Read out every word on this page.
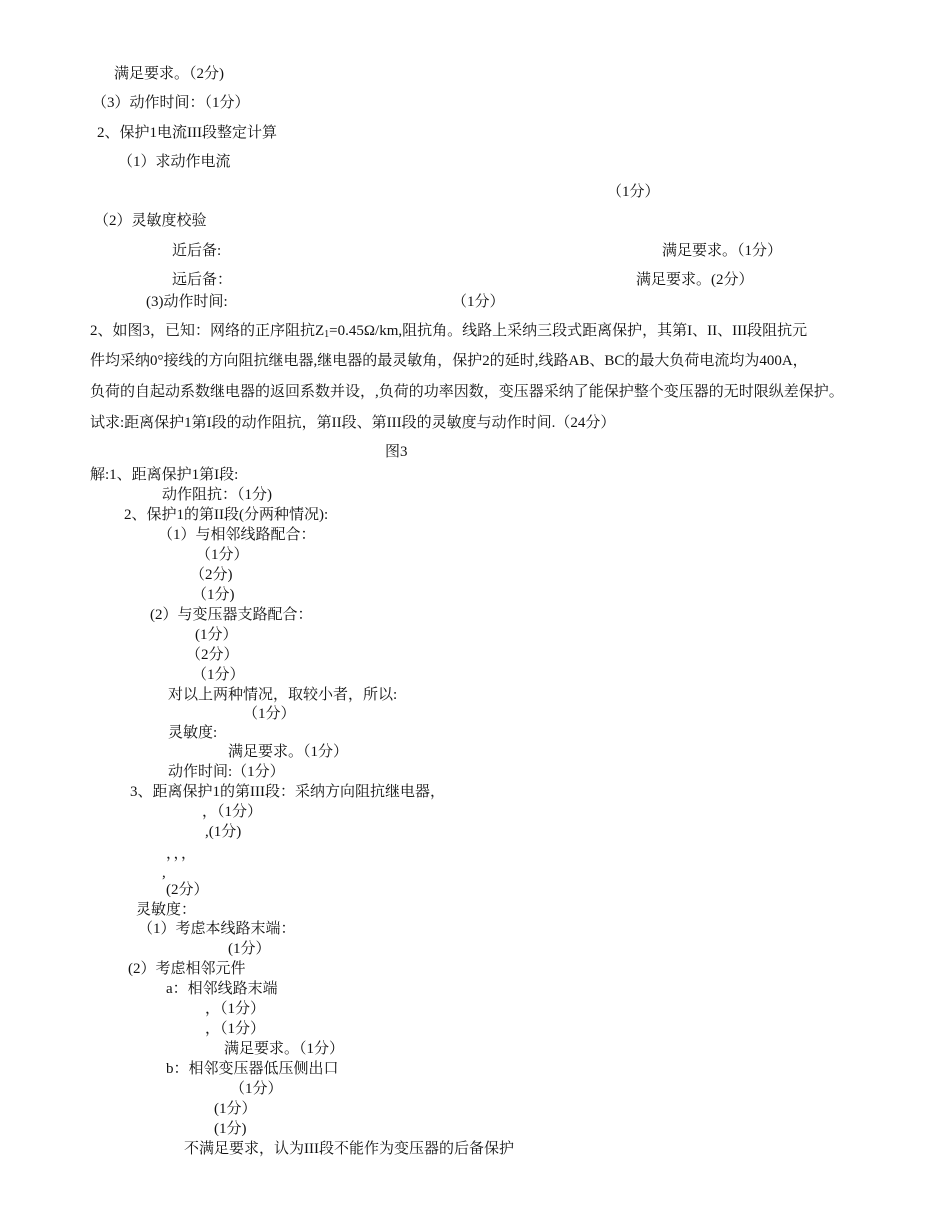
满足要求。（2分)
（3）动作时间：（1分）
2、保护1电流III段整定计算
（1）求动作电流
（1分）
（2）灵敏度校验
近后备:	满足要求。（1分）
远后备：	满足要求。(2分）
(3)动作时间:	（1分）
2、如图3，已知：网络的正序阻抗$Z_1=0.45\Omega/km$,阻抗角。线路上采纳三段式距离保护，其第I、II、III段阻抗元
件均采纳0°接线的方向阻抗继电器,继电器的最灵敏角，保护2的延时,线路AB、BC的最大负荷电流均为400A，
负荷的自起动系数继电器的返回系数并设，,负荷的功率因数，变压器采纳了能保护整个变压器的无时限纵差保护。
试求:距离保护1第I段的动作阻抗，第II段、第III段的灵敏度与动作时间.（24分）
图3
解:1、距离保护1第I段:
动作阻抗：（1分)
2、保护1的第II段(分两种情况):
（1）与相邻线路配合：
（1分）
（2分)
（1分)
(2）与变压器支路配合：
(1分）
（2分）
（1分）
对以上两种情况，取较小者，所以:
（1分）
灵敏度:
满足要求。（1分）
动作时间:（1分）
3、距离保护1的第III段：采纳方向阻抗继电器，
，（1分）
,(1分)
，，，
,
(2分）
灵敏度：
（1）考虑本线路末端：
(1分）
(2）考虑相邻元件
a：相邻线路末端
，（1分）
，（1分）
满足要求。（1分）
b：相邻变压器低压侧出口
（1分）
(1分）
(1分)
不满足要求，认为III段不能作为变压器的后备保护
